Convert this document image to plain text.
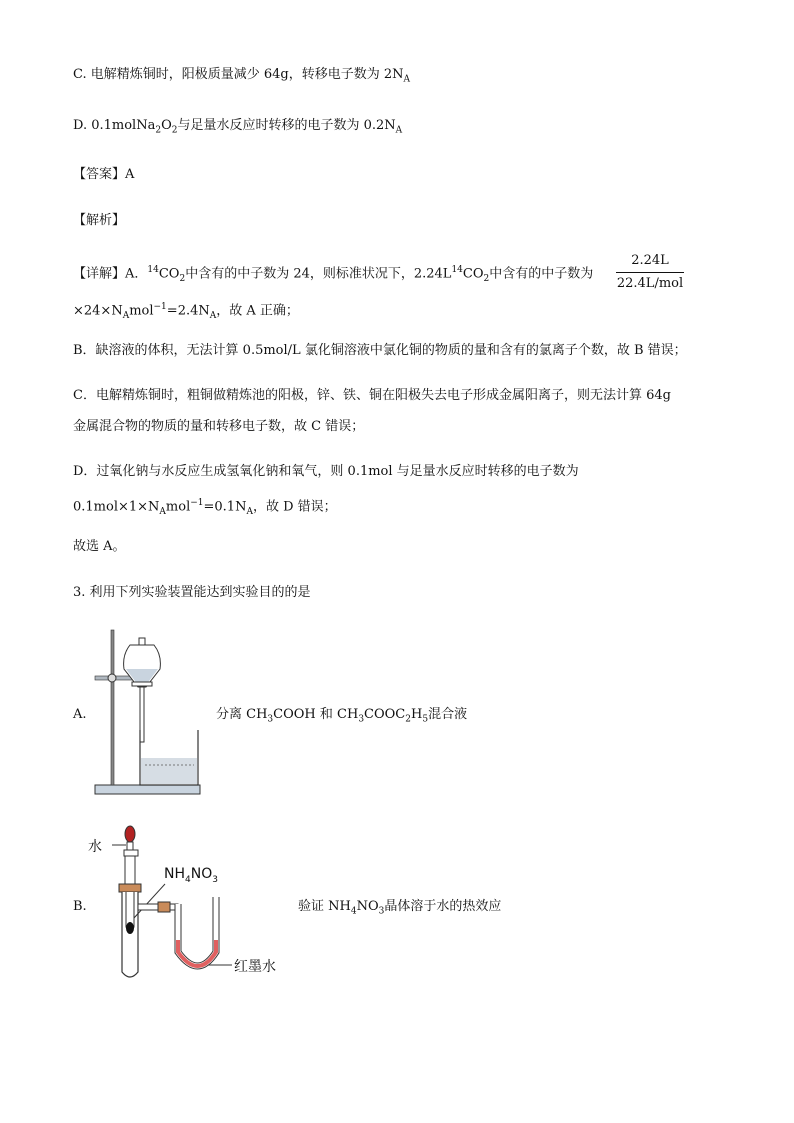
C. 电解精炼铜时，阳极质量减少 64g，转移电子数为 $2N_A$
D. $0.1molNa_2O_2$与足量水反应时转移的电子数为 $0.2N_A$
【答案】A
【解析】
【详解】A．$^{14}CO_2$中含有的中子数为 24，则标准状况下，$2.24L^{14}CO_2$中含有的中子数为
2.24L
22.4L/mol
$\times 24\times N_Amol^{-1}=2.4N_A$，故 A 正确；
B．缺溶液的体积，无法计算 0.5mol/L 氯化铜溶液中氯化铜的物质的量和含有的氯离子个数，故 B 错误；
C．电解精炼铜时，粗铜做精炼池的阳极，锌、铁、铜在阳极失去电子形成金属阳离子，则无法计算 64g
金属混合物的物质的量和转移电子数，故 C 错误；
D．过氧化钠与水反应生成氢氧化钠和氧气，则 0.1mol 与足量水反应时转移的电子数为
$0.1mol\times 1\times N_Amol^{-1}=0.1N_A$，故 D 错误；
故选 A。
3. 利用下列实验装置能达到实验目的的是
A.	分离 $CH_3COOH$ 和 $CH_3COOC_2H_5$混合液
B.	验证 $NH_4NO_3$晶体溶于水的热效应
水
$NH_4NO_3$
红墨水
